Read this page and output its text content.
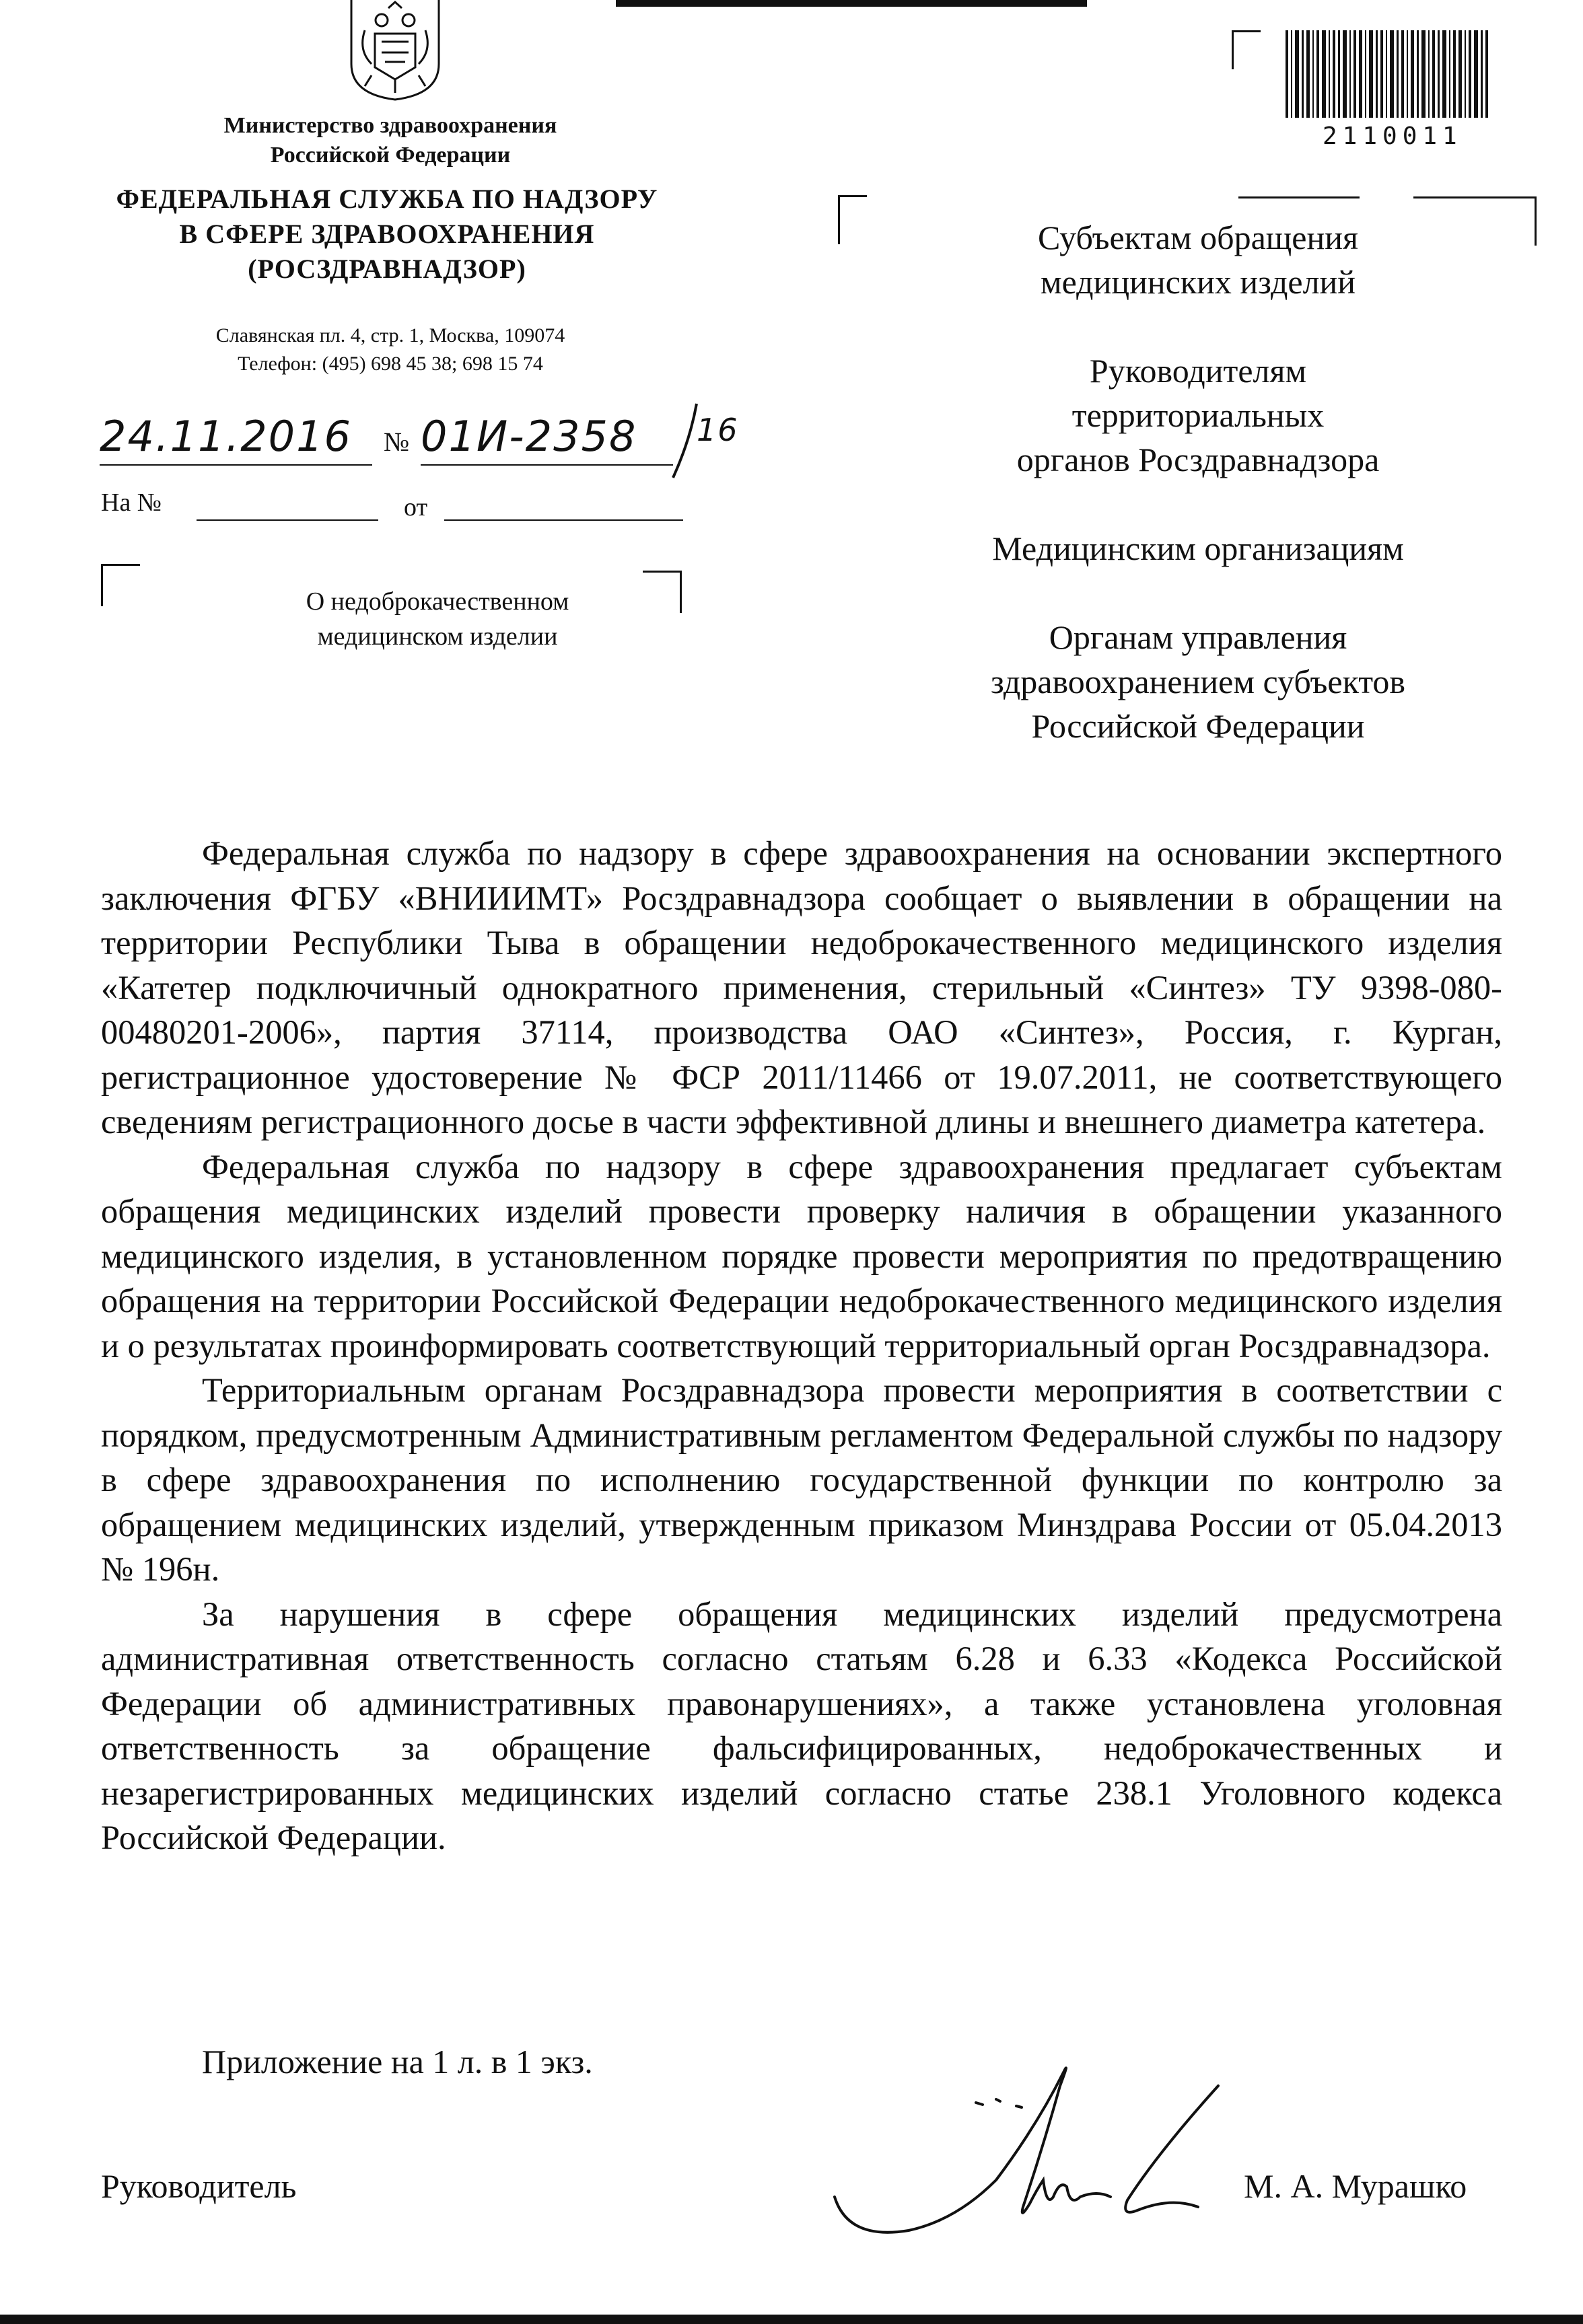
Министерство здравоохранения
Российской Федерации
ФЕДЕРАЛЬНАЯ СЛУЖБА ПО НАДЗОРУ
В СФЕРЕ ЗДРАВООХРАНЕНИЯ
(РОСЗДРАВНАДЗОР)
Славянская пл. 4, стр. 1, Москва, 109074
Телефон: (495) 698 45 38; 698 15 74
24.11.2016 № 01И-2358 16
На №	от
О недоброкачественном
медицинском изделии
2110011

Субъектам обращения
медицинских изделий

Руководителям
территориальных
органов Росздравнадзора

Медицинским организациям

Органам управления
здравоохранением субъектов
Российской Федерации

Федеральная служба по надзору в сфере здравоохранения на основании экспертного заключения ФГБУ «ВНИИИМТ» Росздравнадзора сообщает о выявлении в обращении на территории Республики Тыва в обращении недоброкачественного медицинского изделия «Катетер подключичный однократного применения, стерильный «Синтез» ТУ 9398-080-00480201-2006», партия 37114, производства ОАО «Синтез», Россия, г. Курган, регистрационное удостоверение № ФСР 2011/11466 от 19.07.2011, не соответствующего сведениям регистрационного досье в части эффективной длины и внешнего диаметра катетера.

Федеральная служба по надзору в сфере здравоохранения предлагает субъектам обращения медицинских изделий провести проверку наличия в обращении указанного медицинского изделия, в установленном порядке провести мероприятия по предотвращению обращения на территории Российской Федерации недоброкачественного медицинского изделия и о результатах проинформировать соответствующий территориальный орган Росздравнадзора.

Территориальным органам Росздравнадзора провести мероприятия в соответствии с порядком, предусмотренным Административным регламентом Федеральной службы по надзору в сфере здравоохранения по исполнению государственной функции по контролю за обращением медицинских изделий, утвержденным приказом Минздрава России от 05.04.2013 № 196н.

За нарушения в сфере обращения медицинских изделий предусмотрена административная ответственность согласно статьям 6.28 и 6.33 «Кодекса Российской Федерации об административных правонарушениях», а также установлена уголовная ответственность за обращение фальсифицированных, недоброкачественных и незарегистрированных медицинских изделий согласно статье 238.1 Уголовного кодекса Российской Федерации.

Приложение на 1 л. в 1 экз.
Руководитель	М. А. Мурашко
